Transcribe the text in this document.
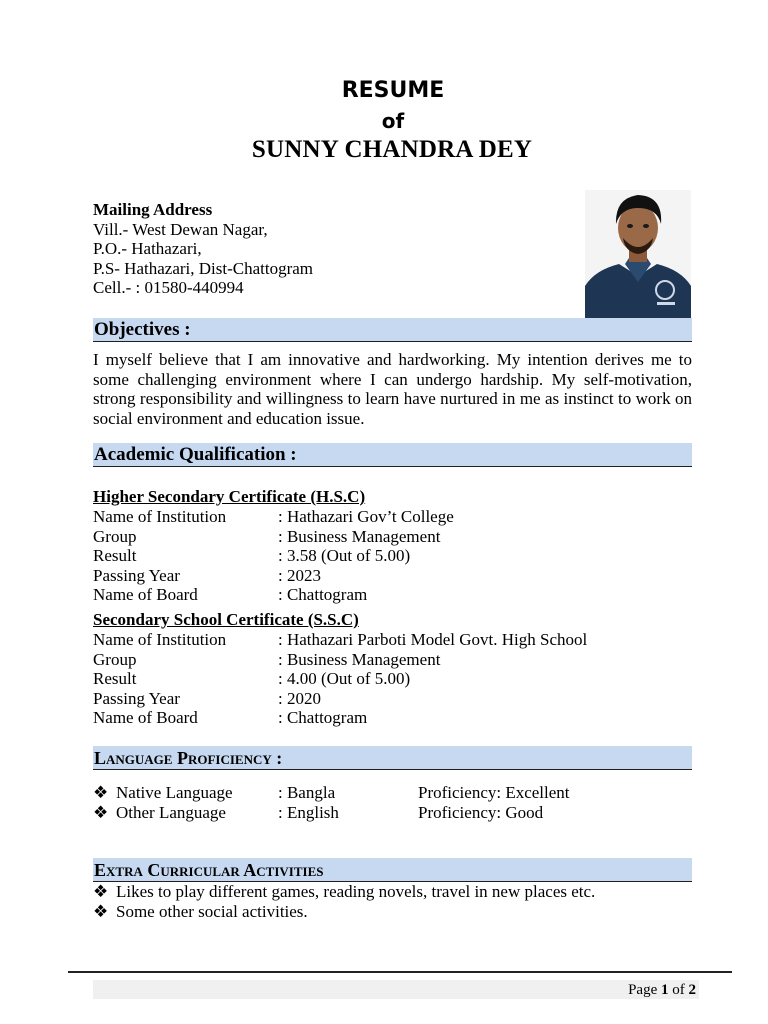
RESUME
of
SUNNY CHANDRA DEY
Mailing Address
Vill.- West Dewan Nagar,
P.O.- Hathazari,
P.S- Hathazari, Dist-Chattogram
Cell.- : 01580-440994
Objectives :
I myself believe that I am innovative and hardworking. My intention derives me to some challenging environment where I can undergo hardship. My self-motivation, strong responsibility and willingness to learn have nurtured in me as instinct to work on social environment and education issue.
Academic Qualification :
Higher Secondary Certificate (H.S.C)
Name of Institution	: Hathazari Gov’t College
Group	: Business Management
Result	: 3.58 (Out of 5.00)
Passing Year	: 2023
Name of Board	: Chattogram
Secondary School Certificate (S.S.C)
Name of Institution	: Hathazari Parboti Model Govt. High School
Group	: Business Management
Result	: 4.00 (Out of 5.00)
Passing Year	: 2020
Name of Board	: Chattogram
Language Proficiency :
❖ Native Language	: Bangla	Proficiency: Excellent
❖ Other Language	: English	Proficiency: Good
Extra Curricular Activities
❖ Likes to play different games, reading novels, travel in new places etc.
❖ Some other social activities.
Page 1 of 2
